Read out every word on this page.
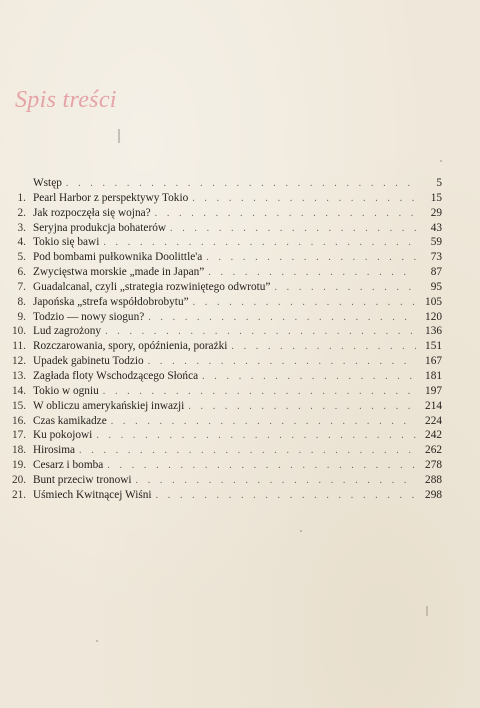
Spis treści
Wstęp . . .	5
1. Pearl Harbor z perspektywy Tokio . . .	15
2. Jak rozpoczęła się wojna? . . .	29
3. Seryjna produkcja bohaterów . . .	43
4. Tokio się bawi . . .	59
5. Pod bombami pułkownika Doolittle'a . . .	73
6. Zwycięstwa morskie „made in Japan” . . .	87
7. Guadalcanal, czyli „strategia rozwiniętego odwrotu” . . .	95
8. Japońska „strefa współdobrobytu” . . .	105
9. Todzio — nowy siogun? . . .	120
10. Lud zagrożony . . .	136
11. Rozczarowania, spory, opóźnienia, porażki . . .	151
12. Upadek gabinetu Todzio . . .	167
13. Zagłada floty Wschodzącego Słońca . . .	181
14. Tokio w ogniu . . .	197
15. W obliczu amerykańskiej inwazji . . .	214
16. Czas kamikadze . . .	224
17. Ku pokojowi . . .	242
18. Hirosima . . .	262
19. Cesarz i bomba . . .	278
20. Bunt przeciw tronowi . . .	288
21. Uśmiech Kwitnącej Wiśni . . .	298
